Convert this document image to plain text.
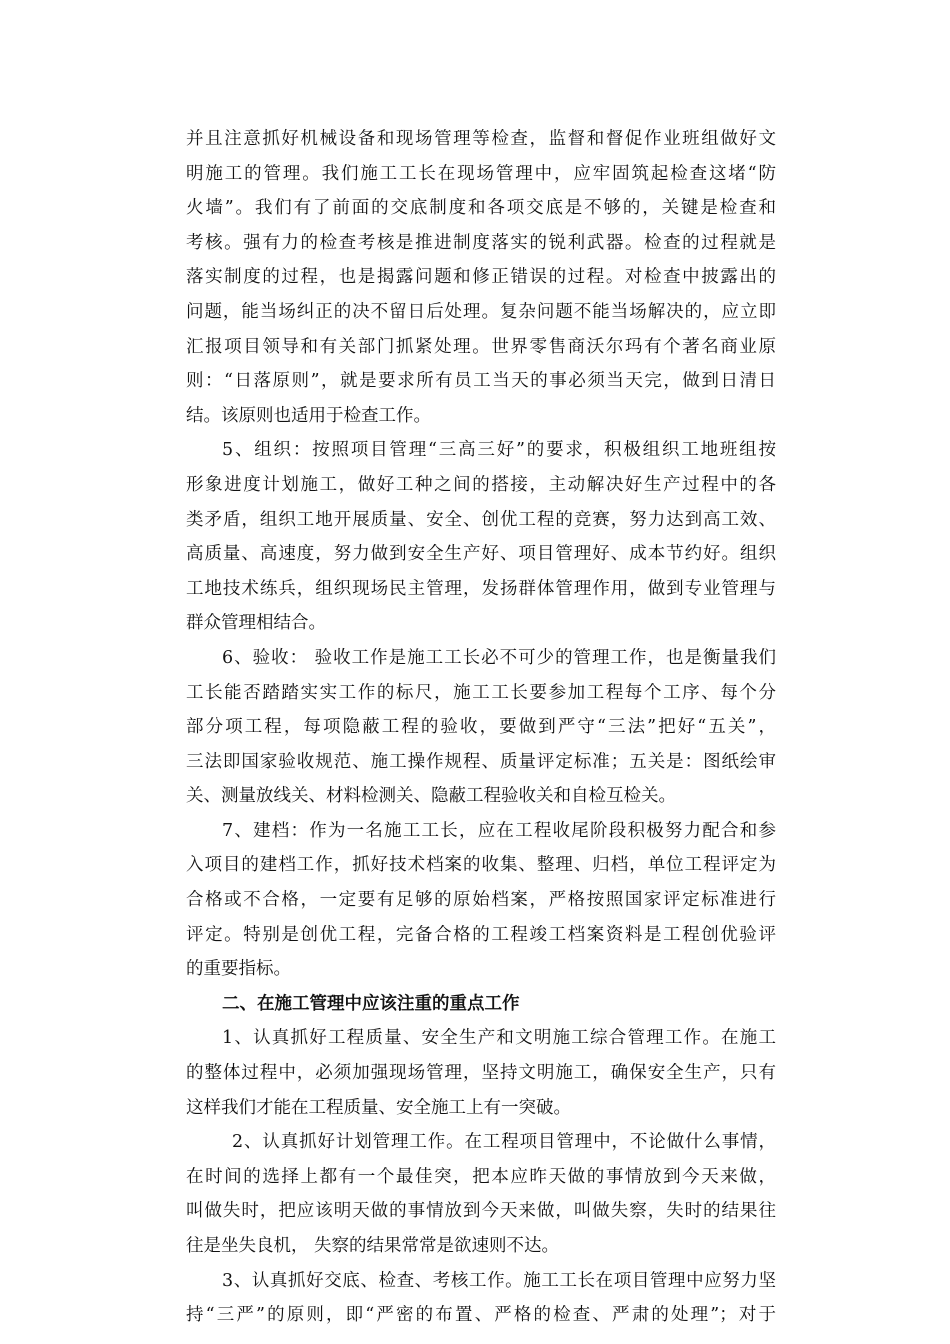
并且注意抓好机械设备和现场管理等检查，监督和督促作业班组做好文
明施工的管理。我们施工工长在现场管理中，应牢固筑起检查这堵“防
火墙”。我们有了前面的交底制度和各项交底是不够的，关键是检查和
考核。强有力的检查考核是推进制度落实的锐利武器。检查的过程就是
落实制度的过程，也是揭露问题和修正错误的过程。对检查中披露出的
问题，能当场纠正的决不留日后处理。复杂问题不能当场解决的，应立即
汇报项目领导和有关部门抓紧处理。世界零售商沃尔玛有个著名商业原
则：“日落原则”，就是要求所有员工当天的事必须当天完，做到日清日
结。该原则也适用于检查工作。
5、组织：按照项目管理“三高三好”的要求，积极组织工地班组按
形象进度计划施工，做好工种之间的搭接，主动解决好生产过程中的各
类矛盾，组织工地开展质量、安全、创优工程的竞赛，努力达到高工效、
高质量、高速度，努力做到安全生产好、项目管理好、成本节约好。组织
工地技术练兵，组织现场民主管理，发扬群体管理作用，做到专业管理与
群众管理相结合。
6、验收： 验收工作是施工工长必不可少的管理工作，也是衡量我们
工长能否踏踏实实工作的标尺，施工工长要参加工程每个工序、每个分
部分项工程，每项隐蔽工程的验收，要做到严守“三法”把好“五关”，
三法即国家验收规范、施工操作规程、质量评定标准；五关是：图纸绘审
关、测量放线关、材料检测关、隐蔽工程验收关和自检互检关。
7、建档：作为一名施工工长，应在工程收尾阶段积极努力配合和参
入项目的建档工作，抓好技术档案的收集、整理、归档，单位工程评定为
合格或不合格，一定要有足够的原始档案，严格按照国家评定标准进行
评定。特别是创优工程，完备合格的工程竣工档案资料是工程创优验评
的重要指标。
二、在施工管理中应该注重的重点工作
1、认真抓好工程质量、安全生产和文明施工综合管理工作。在施工
的整体过程中，必须加强现场管理，坚持文明施工，确保安全生产，只有
这样我们才能在工程质量、安全施工上有一突破。
2、认真抓好计划管理工作。在工程项目管理中，不论做什么事情，
在时间的选择上都有一个最佳突，把本应昨天做的事情放到今天来做，
叫做失时，把应该明天做的事情放到今天来做，叫做失察，失时的结果往
往是坐失良机， 失察的结果常常是欲速则不达。
3、认真抓好交底、检查、考核工作。施工工长在项目管理中应努力坚
持“三严”的原则，即“严密的布置、严格的检查、严肃的处理”；对于
